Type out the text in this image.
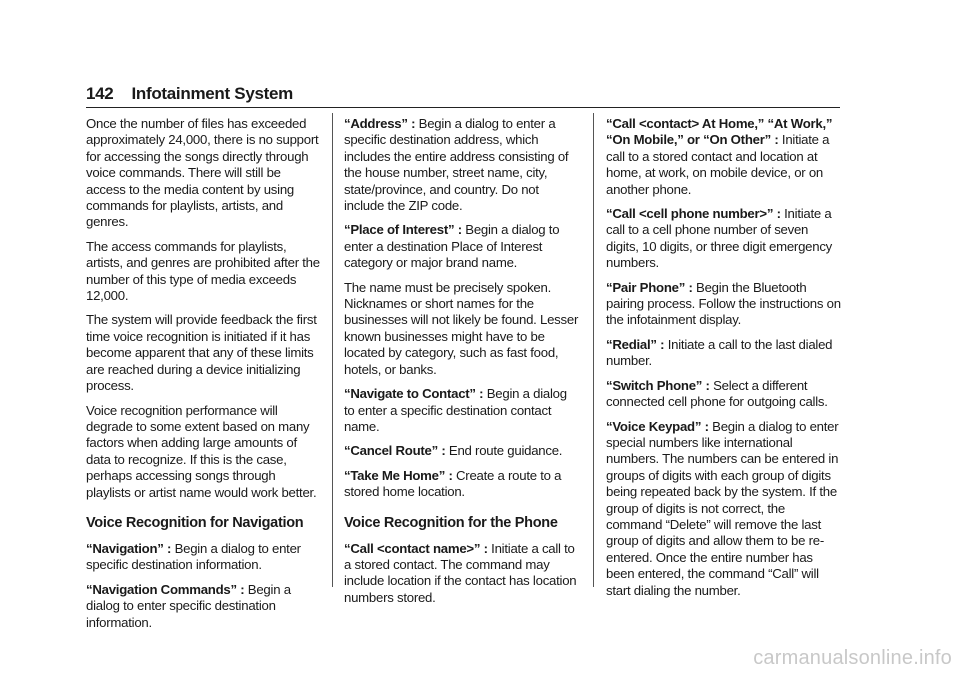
142 Infotainment System

Once the number of files has exceeded approximately 24,000, there is no support for accessing the songs directly through voice commands. There will still be access to the media content by using commands for playlists, artists, and genres.

The access commands for playlists, artists, and genres are prohibited after the number of this type of media exceeds 12,000.

The system will provide feedback the first time voice recognition is initiated if it has become apparent that any of these limits are reached during a device initializing process.

Voice recognition performance will degrade to some extent based on many factors when adding large amounts of data to recognize. If this is the case, perhaps accessing songs through playlists or artist name would work better.

Voice Recognition for Navigation

“Navigation” : Begin a dialog to enter specific destination information.

“Navigation Commands” : Begin a dialog to enter specific destination information.

“Address” : Begin a dialog to enter a specific destination address, which includes the entire address consisting of the house number, street name, city, state/province, and country. Do not include the ZIP code.

“Place of Interest” : Begin a dialog to enter a destination Place of Interest category or major brand name.

The name must be precisely spoken. Nicknames or short names for the businesses will not likely be found. Lesser known businesses might have to be located by category, such as fast food, hotels, or banks.

“Navigate to Contact” : Begin a dialog to enter a specific destination contact name.

“Cancel Route” : End route guidance.

“Take Me Home” : Create a route to a stored home location.

Voice Recognition for the Phone

“Call <contact name>” : Initiate a call to a stored contact. The command may include location if the contact has location numbers stored.

“Call <contact> At Home,” “At Work,” “On Mobile,” or “On Other” : Initiate a call to a stored contact and location at home, at work, on mobile device, or on another phone.

“Call <cell phone number>” : Initiate a call to a cell phone number of seven digits, 10 digits, or three digit emergency numbers.

“Pair Phone” : Begin the Bluetooth pairing process. Follow the instructions on the infotainment display.

“Redial” : Initiate a call to the last dialed number.

“Switch Phone” : Select a different connected cell phone for outgoing calls.

“Voice Keypad” : Begin a dialog to enter special numbers like international numbers. The numbers can be entered in groups of digits with each group of digits being repeated back by the system. If the group of digits is not correct, the command “Delete” will remove the last group of digits and allow them to be re-entered. Once the entire number has been entered, the command “Call” will start dialing the number.

carmanualsonline.info
